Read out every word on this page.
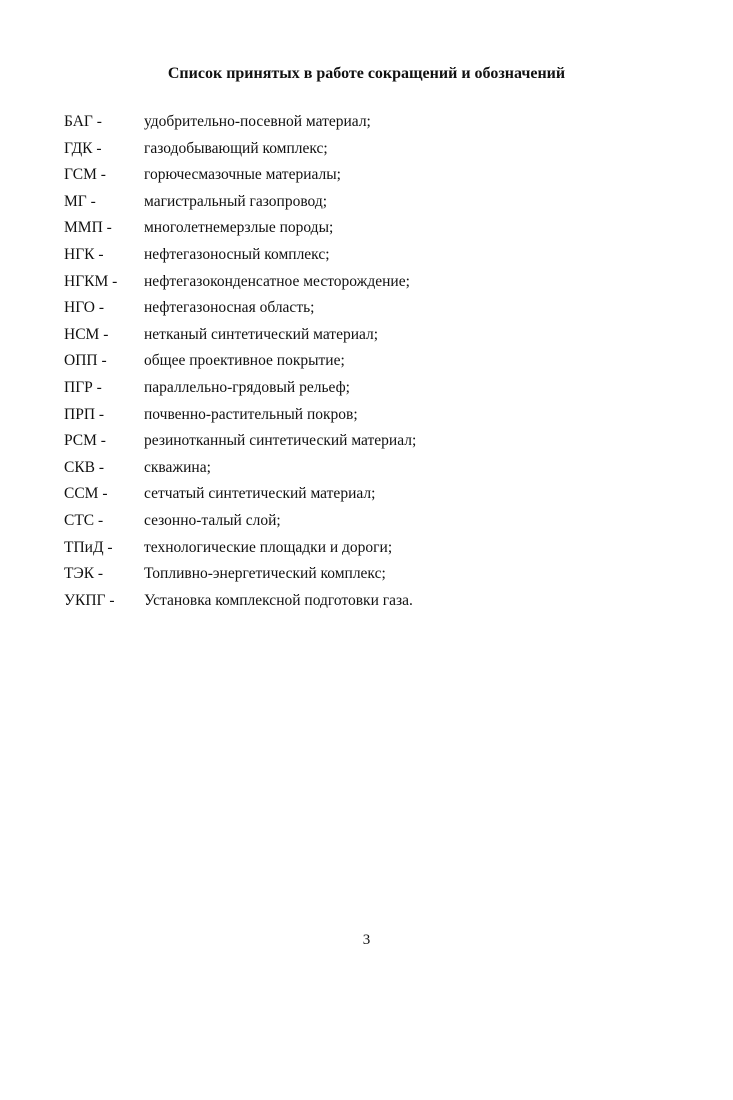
Список принятых в работе сокращений и обозначений
БАГ -	удобрительно-посевной материал;
ГДК -	газодобывающий комплекс;
ГСМ -	горючесмазочные материалы;
МГ -	магистральный газопровод;
ММП -	многолетнемерзлые породы;
НГК -	нефтегазоносный комплекс;
НГКМ -	нефтегазоконденсатное месторождение;
НГО -	нефтегазоносная область;
НСМ -	нетканый синтетический материал;
ОПП -	общее проективное покрытие;
ПГР -	параллельно-грядовый рельеф;
ПРП -	почвенно-растительный покров;
РСМ -	резинотканный синтетический материал;
СКВ -	скважина;
ССМ -	сетчатый синтетический материал;
СТС -	сезонно-талый слой;
ТПиД -	технологические площадки и дороги;
ТЭК -	Топливно-энергетический комплекс;
УКПГ -	Установка комплексной подготовки газа.
3
